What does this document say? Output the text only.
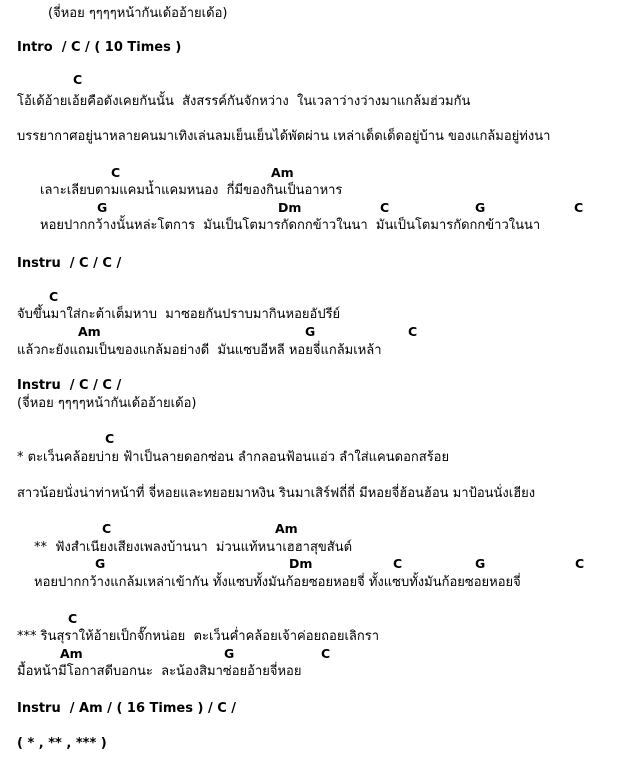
(จี่หอย ๆๆๆๆหน้ากันเด้ออ้ายเด้อ)
Intro  / C / ( 10 Times )
C
โอ้เด้อ้ายเอ้ยคือดังเคยกันนั้น  สังสรรค์กันจักหว่าง  ในเวลาว่างว่างมาแกล้มฮ่วมกัน
บรรยากาศอยู่นาหลายคนมาเทิงเล่นลมเย็นเย็นได้พัดผ่าน เหล่าเด็ดเด็ดอยู่บ้าน ของแกล้มอยู่ท่งนา
C	Am
เลาะเลียบตามแคมน้ำแคมหนอง  กี่มีของกินเป็นอาหาร
G	Dm	C	G	C
หอยปากกว้างนั้นหล่ะโตการ  มันเป็นโตมารกัดกกข้าวในนา  มันเป็นโตมารกัดกกข้าวในนา
Instru  / C / C /
C
จับขึ้นมาใส่กะต้าเต็มหาบ  มาซอยกันปราบมากินหอยอัปรีย์
Am	G	C
แล้วกะยังแถมเป็นของแกล้มอย่างดี  มันแซบอีหลี หอยจี่แกล้มเหล้า
Instru  / C / C /
(จี่หอย ๆๆๆๆหน้ากันเด้ออ้ายเด้อ)
C
* ตะเว็นคล้อยบ่าย ฟ้าเป็นลายดอกซ่อน ลำกลอนฟ้อนแอ่ว ลำใส่แคนดอกสร้อย
สาวน้อยนั่งน่าท่าหน้าที่ จี่หอยและทยอยมาหงิน รินมาเสิร์ฟถี่ถี่ มีหอยจี่ฮ้อนฮ้อน มาป้อนนั่งเฮียง
C	Am
**  ฟังสำเนียงเสียงเพลงบ้านนา  ม่วนแท้หนาเฮฮาสุขสันต์
G	Dm	C	G	C
หอยปากกว้างแกล้มเหล่าเข้ากัน ทั้งแซบทั้งมันก้อยซอยหอยจี่ ทั้งแซบทั้งมันก้อยซอยหอยจี่
C
*** รินสุราให้อ้ายเป็กจั๊กหน่อย  ตะเว็นค่ำคล้อยเจ้าค่อยถอยเลิกรา
Am	G	C
มื้อหน้ามีโอกาสดีบอกนะ  ละน้องสิมาซ่อยอ้ายจี่หอย
Instru  / Am / ( 16 Times ) / C /
( * , ** , *** )
